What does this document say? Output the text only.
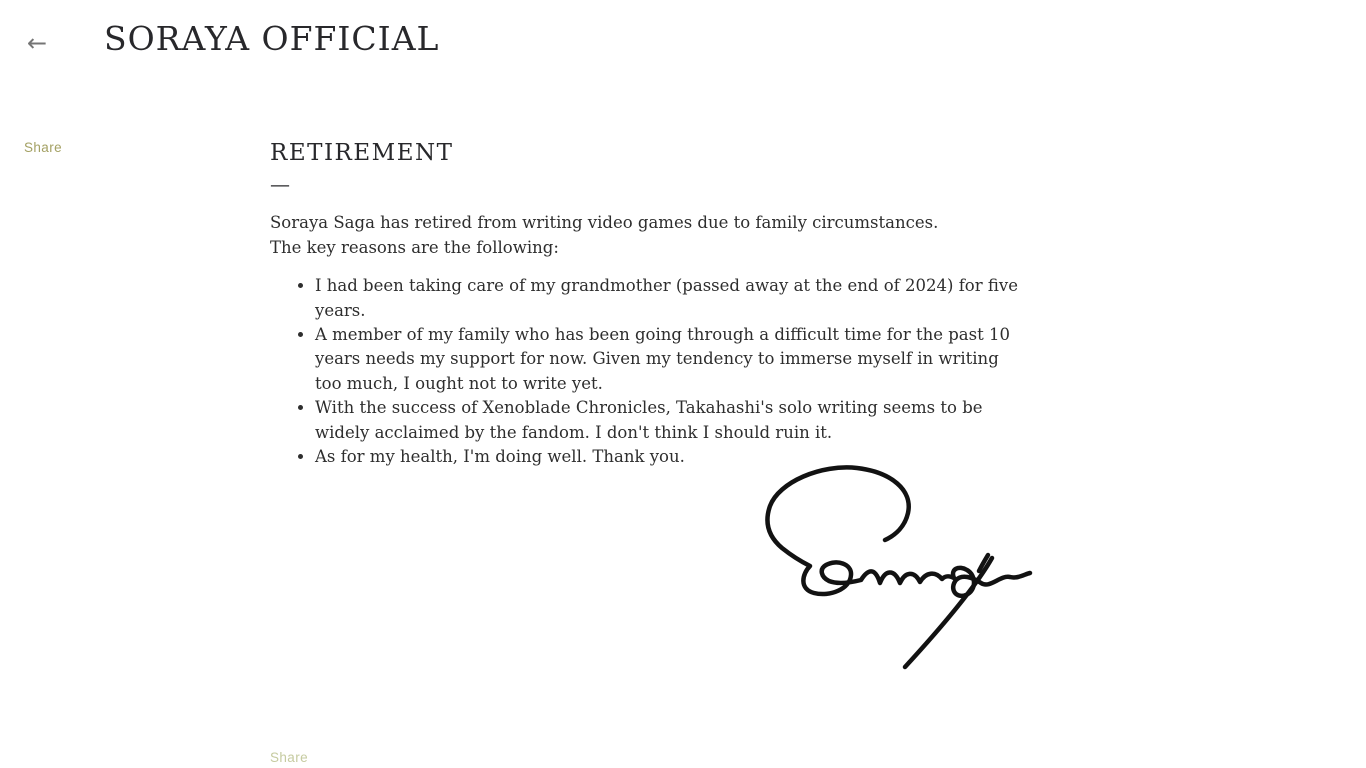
←	SORAYA OFFICIAL
Share	RETIREMENT
—

Soraya Saga has retired from writing video games due to family circumstances.
The key reasons are the following:

• I had been taking care of my grandmother (passed away at the end of 2024) for five years.
• A member of my family who has been going through a difficult time for the past 10 years needs my support for now. Given my tendency to immerse myself in writing too much, I ought not to write yet.
• With the success of Xenoblade Chronicles, Takahashi's solo writing seems to be widely acclaimed by the fandom. I don't think I should ruin it.
• As for my health, I'm doing well. Thank you.
Share
